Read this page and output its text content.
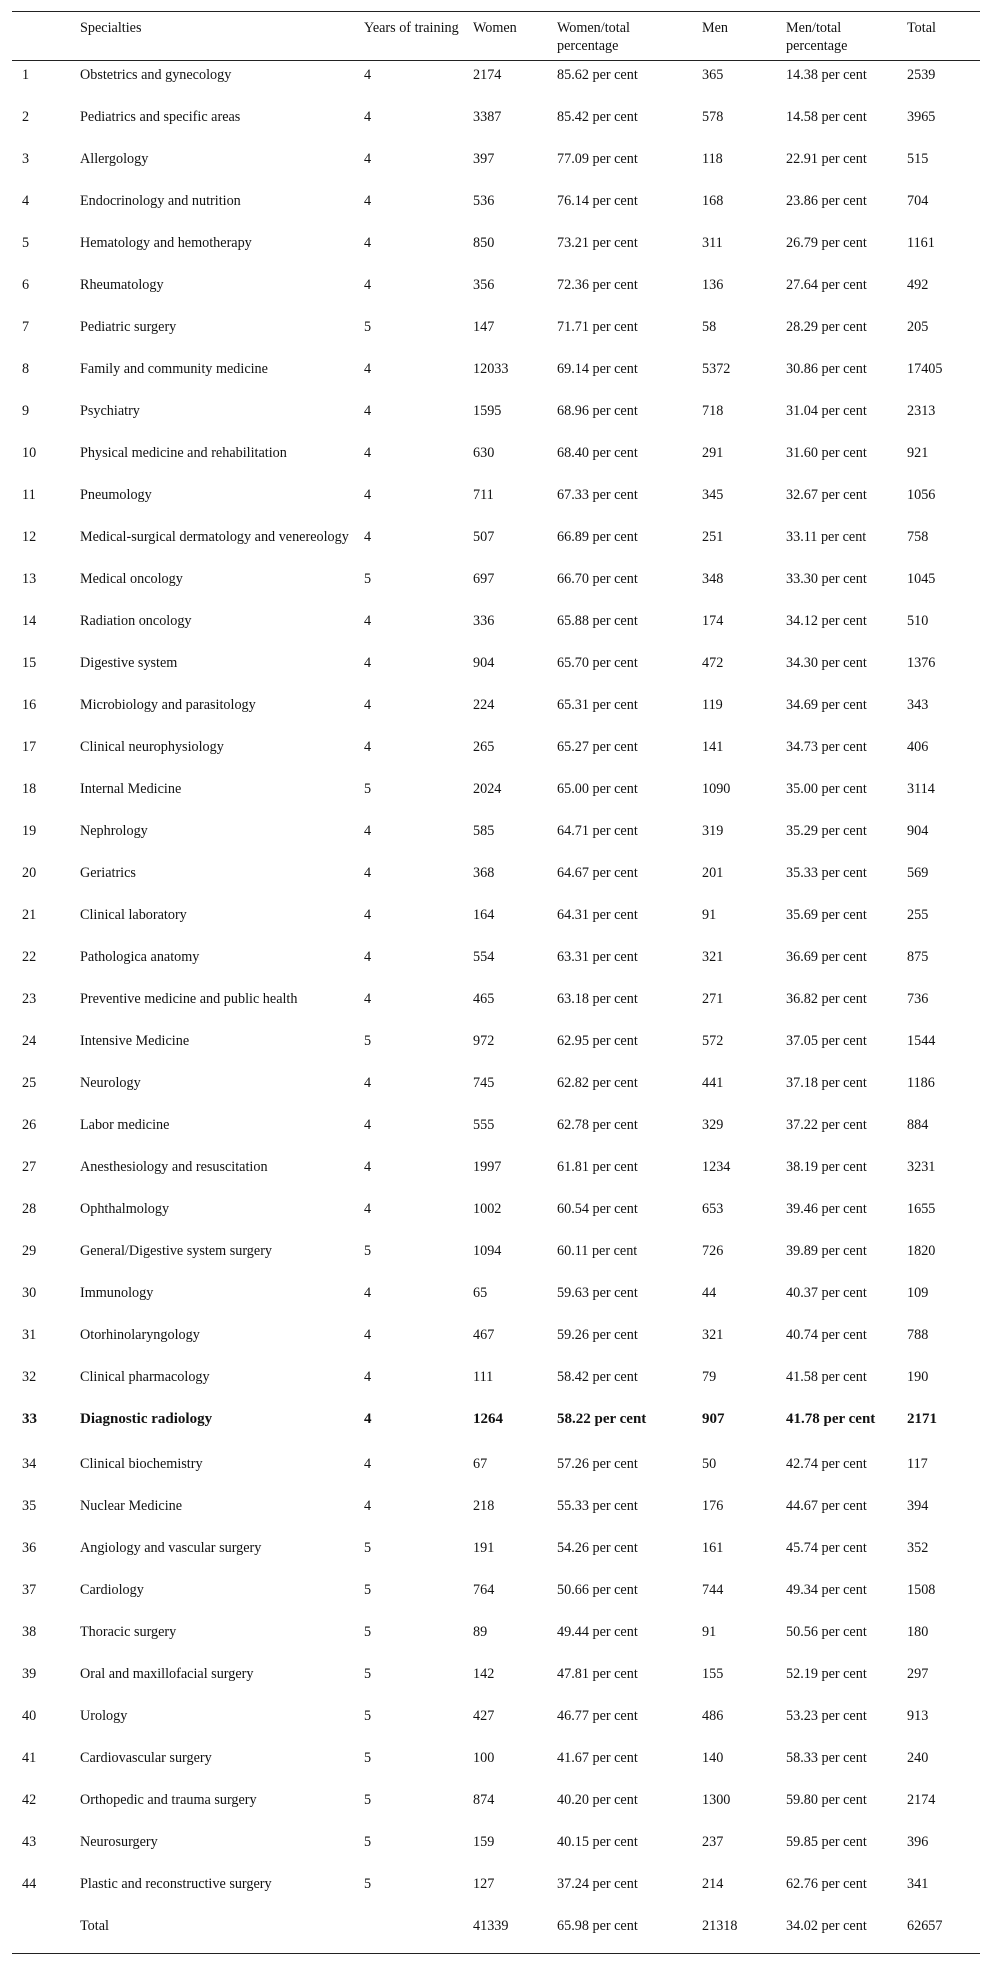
	Specialties	Years of training	Women	Women/total percentage	Men	Men/total percentage	Total
1	Obstetrics and gynecology	4	2174	85.62 per cent	365	14.38 per cent	2539
2	Pediatrics and specific areas	4	3387	85.42 per cent	578	14.58 per cent	3965
3	Allergology	4	397	77.09 per cent	118	22.91 per cent	515
4	Endocrinology and nutrition	4	536	76.14 per cent	168	23.86 per cent	704
5	Hematology and hemotherapy	4	850	73.21 per cent	311	26.79 per cent	1161
6	Rheumatology	4	356	72.36 per cent	136	27.64 per cent	492
7	Pediatric surgery	5	147	71.71 per cent	58	28.29 per cent	205
8	Family and community medicine	4	12033	69.14 per cent	5372	30.86 per cent	17405
9	Psychiatry	4	1595	68.96 per cent	718	31.04 per cent	2313
10	Physical medicine and rehabilitation	4	630	68.40 per cent	291	31.60 per cent	921
11	Pneumology	4	711	67.33 per cent	345	32.67 per cent	1056
12	Medical-surgical dermatology and venereology	4	507	66.89 per cent	251	33.11 per cent	758
13	Medical oncology	5	697	66.70 per cent	348	33.30 per cent	1045
14	Radiation oncology	4	336	65.88 per cent	174	34.12 per cent	510
15	Digestive system	4	904	65.70 per cent	472	34.30 per cent	1376
16	Microbiology and parasitology	4	224	65.31 per cent	119	34.69 per cent	343
17	Clinical neurophysiology	4	265	65.27 per cent	141	34.73 per cent	406
18	Internal Medicine	5	2024	65.00 per cent	1090	35.00 per cent	3114
19	Nephrology	4	585	64.71 per cent	319	35.29 per cent	904
20	Geriatrics	4	368	64.67 per cent	201	35.33 per cent	569
21	Clinical laboratory	4	164	64.31 per cent	91	35.69 per cent	255
22	Pathologica anatomy	4	554	63.31 per cent	321	36.69 per cent	875
23	Preventive medicine and public health	4	465	63.18 per cent	271	36.82 per cent	736
24	Intensive Medicine	5	972	62.95 per cent	572	37.05 per cent	1544
25	Neurology	4	745	62.82 per cent	441	37.18 per cent	1186
26	Labor medicine	4	555	62.78 per cent	329	37.22 per cent	884
27	Anesthesiology and resuscitation	4	1997	61.81 per cent	1234	38.19 per cent	3231
28	Ophthalmology	4	1002	60.54 per cent	653	39.46 per cent	1655
29	General/Digestive system surgery	5	1094	60.11 per cent	726	39.89 per cent	1820
30	Immunology	4	65	59.63 per cent	44	40.37 per cent	109
31	Otorhinolaryngology	4	467	59.26 per cent	321	40.74 per cent	788
32	Clinical pharmacology	4	111	58.42 per cent	79	41.58 per cent	190
33	Diagnostic radiology	4	1264	58.22 per cent	907	41.78 per cent	2171
34	Clinical biochemistry	4	67	57.26 per cent	50	42.74 per cent	117
35	Nuclear Medicine	4	218	55.33 per cent	176	44.67 per cent	394
36	Angiology and vascular surgery	5	191	54.26 per cent	161	45.74 per cent	352
37	Cardiology	5	764	50.66 per cent	744	49.34 per cent	1508
38	Thoracic surgery	5	89	49.44 per cent	91	50.56 per cent	180
39	Oral and maxillofacial surgery	5	142	47.81 per cent	155	52.19 per cent	297
40	Urology	5	427	46.77 per cent	486	53.23 per cent	913
41	Cardiovascular surgery	5	100	41.67 per cent	140	58.33 per cent	240
42	Orthopedic and trauma surgery	5	874	40.20 per cent	1300	59.80 per cent	2174
43	Neurosurgery	5	159	40.15 per cent	237	59.85 per cent	396
44	Plastic and reconstructive surgery	5	127	37.24 per cent	214	62.76 per cent	341
	Total		41339	65.98 per cent	21318	34.02 per cent	62657
